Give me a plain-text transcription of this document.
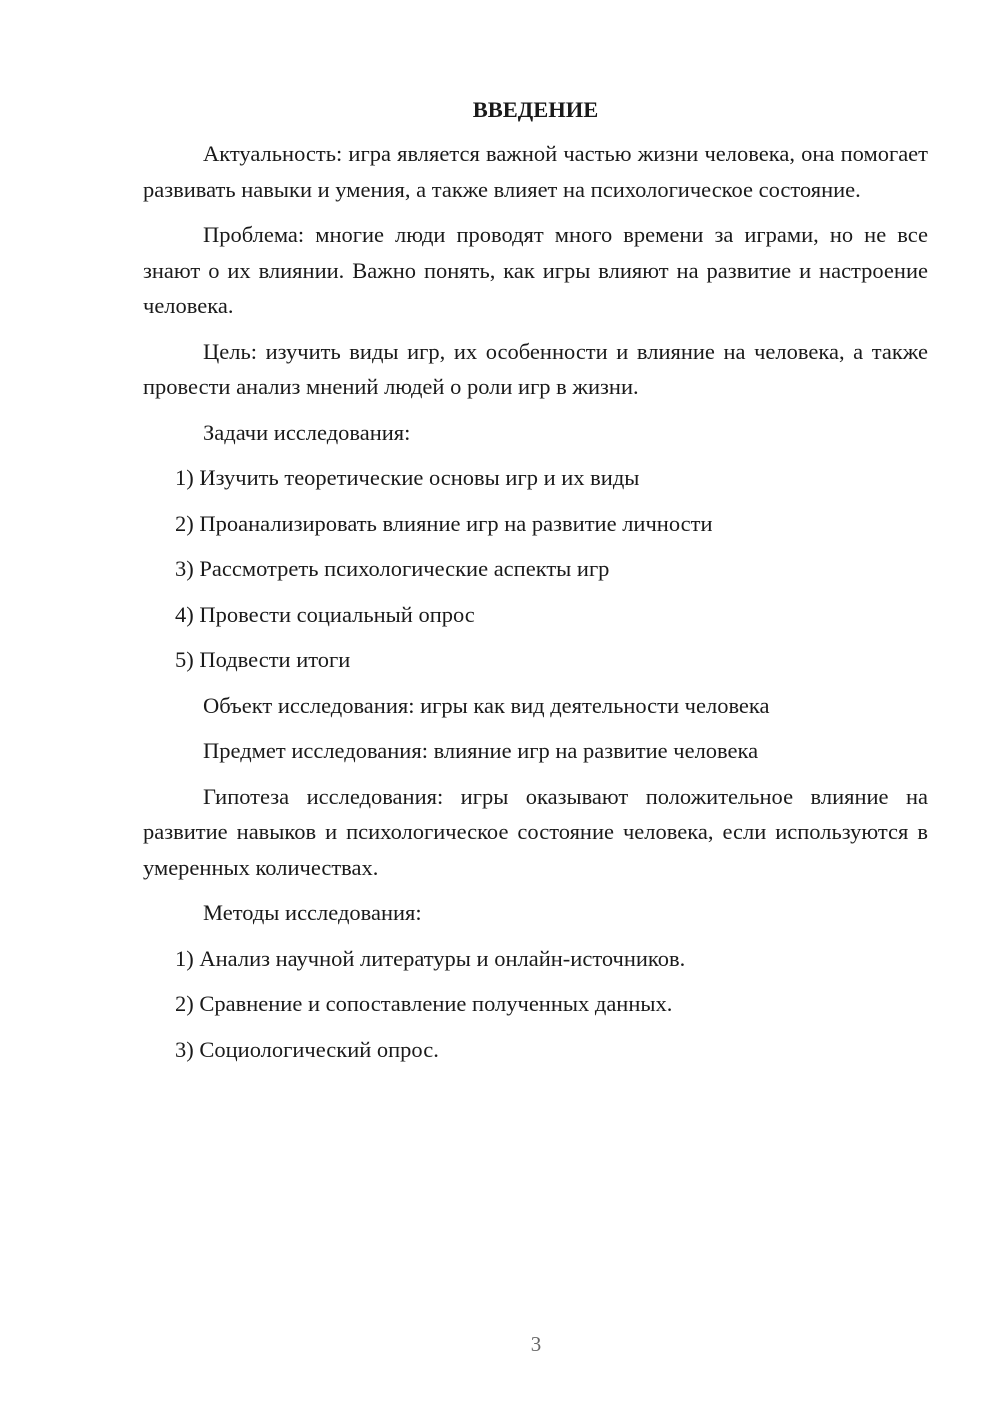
ВВЕДЕНИЕ

Актуальность: игра является важной частью жизни человека, она помогает развивать навыки и умения, а также влияет на психологическое состояние.

Проблема: многие люди проводят много времени за играми, но не все знают о их влиянии. Важно понять, как игры влияют на развитие и настроение человека.

Цель: изучить виды игр, их особенности и влияние на человека, а также провести анализ мнений людей о роли игр в жизни.

Задачи исследования:
1) Изучить теоретические основы игр и их виды
2) Проанализировать влияние игр на развитие личности
3) Рассмотреть психологические аспекты игр
4) Провести социальный опрос
5) Подвести итоги
Объект исследования: игры как вид деятельности человека
Предмет исследования: влияние игр на развитие человека

Гипотеза исследования: игры оказывают положительное влияние на развитие навыков и психологическое состояние человека, если используются в умеренных количествах.

Методы исследования:
1) Анализ научной литературы и онлайн-источников.
2) Сравнение и сопоставление полученных данных.
3) Социологический опрос.
3
